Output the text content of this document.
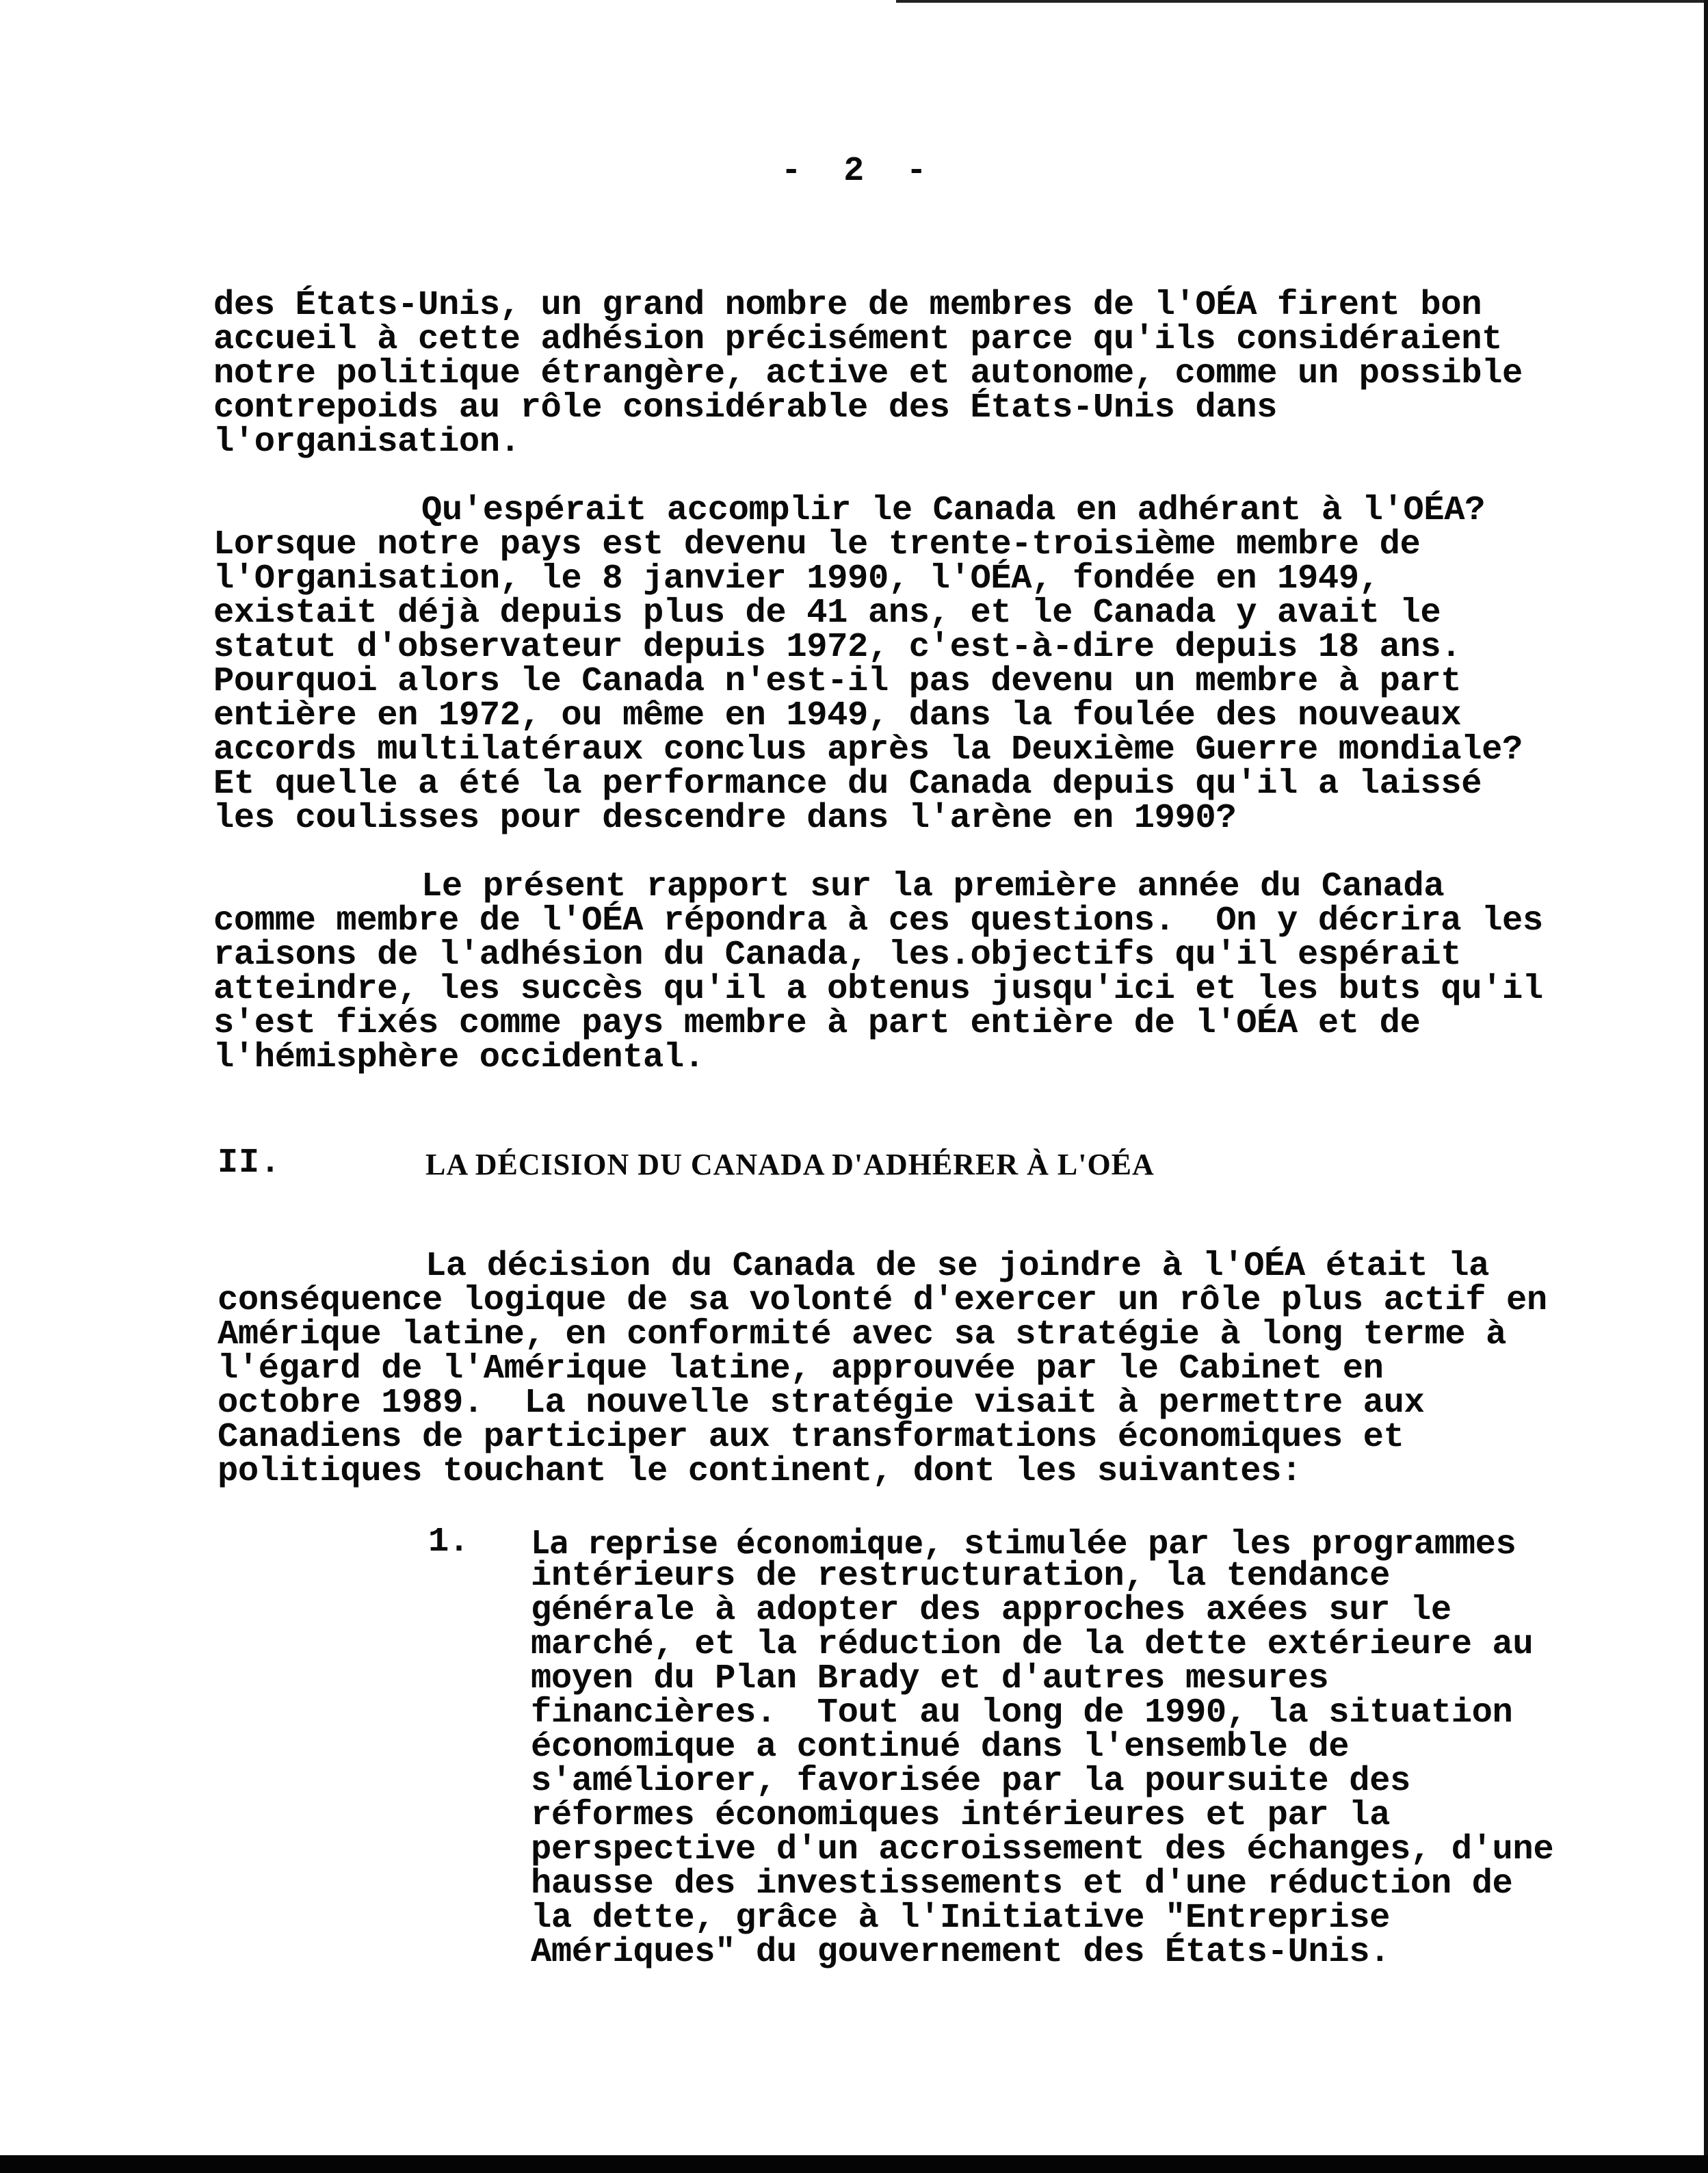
-  2  -
des États-Unis, un grand nombre de membres de l'OÉA firent bon
accueil à cette adhésion précisément parce qu'ils considéraient
notre politique étrangère, active et autonome, comme un possible
contrepoids au rôle considérable des États-Unis dans
l'organisation.
Qu'espérait accomplir le Canada en adhérant à l'OÉA?
Lorsque notre pays est devenu le trente-troisième membre de
l'Organisation, le 8 janvier 1990, l'OÉA, fondée en 1949,
existait déjà depuis plus de 41 ans, et le Canada y avait le
statut d'observateur depuis 1972, c'est-à-dire depuis 18 ans.
Pourquoi alors le Canada n'est-il pas devenu un membre à part
entière en 1972, ou même en 1949, dans la foulée des nouveaux
accords multilatéraux conclus après la Deuxième Guerre mondiale?
Et quelle a été la performance du Canada depuis qu'il a laissé
les coulisses pour descendre dans l'arène en 1990?
Le présent rapport sur la première année du Canada
comme membre de l'OÉA répondra à ces questions.  On y décrira les
raisons de l'adhésion du Canada, les.objectifs qu'il espérait
atteindre, les succès qu'il a obtenus jusqu'ici et les buts qu'il
s'est fixés comme pays membre à part entière de l'OÉA et de
l'hémisphère occidental.
II.	LA DÉCISION DU CANADA D'ADHÉRER À L'OÉA
La décision du Canada de se joindre à l'OÉA était la
conséquence logique de sa volonté d'exercer un rôle plus actif en
Amérique latine, en conformité avec sa stratégie à long terme à
l'égard de l'Amérique latine, approuvée par le Cabinet en
octobre 1989.  La nouvelle stratégie visait à permettre aux
Canadiens de participer aux transformations économiques et
politiques touchant le continent, dont les suivantes:
1. La reprise économique, stimulée par les programmes
intérieurs de restructuration, la tendance
générale à adopter des approches axées sur le
marché, et la réduction de la dette extérieure au
moyen du Plan Brady et d'autres mesures
financières.  Tout au long de 1990, la situation
économique a continué dans l'ensemble de
s'améliorer, favorisée par la poursuite des
réformes économiques intérieures et par la
perspective d'un accroissement des échanges, d'une
hausse des investissements et d'une réduction de
la dette, grâce à l'Initiative "Entreprise
Amériques" du gouvernement des États-Unis.
